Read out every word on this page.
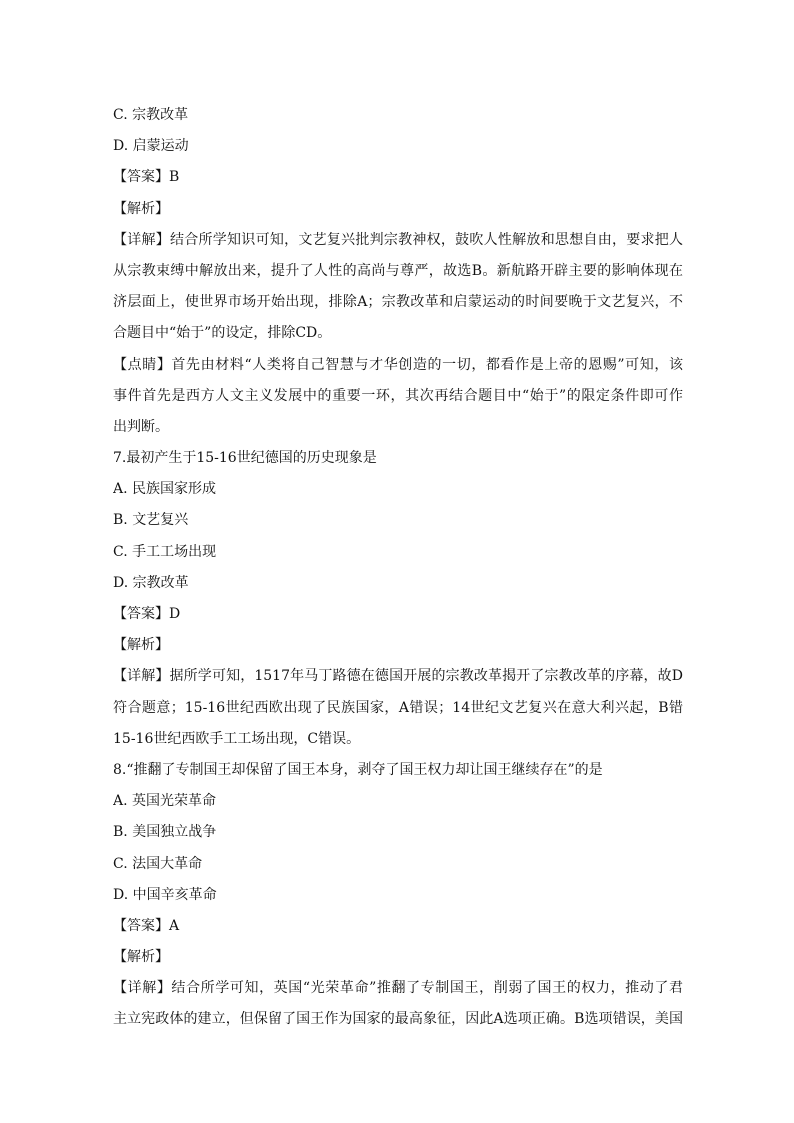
C. 宗教改革
D. 启蒙运动
【答案】B
【解析】
【详解】结合所学知识可知，文艺复兴批判宗教神权，鼓吹人性解放和思想自由，要求把人
从宗教束缚中解放出来，提升了人性的高尚与尊严，故选B。新航路开辟主要的影响体现在
济层面上，使世界市场开始出现，排除A；宗教改革和启蒙运动的时间要晚于文艺复兴，不
合题目中“始于”的设定，排除CD。
【点睛】首先由材料“人类将自己智慧与才华创造的一切，都看作是上帝的恩赐”可知，该
事件首先是西方人文主义发展中的重要一环，其次再结合题目中“始于”的限定条件即可作
出判断。
7.最初产生于15-16世纪德国的历史现象是
A. 民族国家形成
B. 文艺复兴
C. 手工工场出现
D. 宗教改革
【答案】D
【解析】
【详解】据所学可知，1517年马丁路德在德国开展的宗教改革揭开了宗教改革的序幕，故D
符合题意；15-16世纪西欧出现了民族国家，A错误；14世纪文艺复兴在意大利兴起，B错
15-16世纪西欧手工工场出现，C错误。
8.“推翻了专制国王却保留了国王本身，剥夺了国王权力却让国王继续存在”的是
A. 英国光荣革命
B. 美国独立战争
C. 法国大革命
D. 中国辛亥革命
【答案】A
【解析】
【详解】结合所学可知，英国“光荣革命”推翻了专制国王，削弱了国王的权力，推动了君
主立宪政体的建立，但保留了国王作为国家的最高象征，因此A选项正确。B选项错误，美国
